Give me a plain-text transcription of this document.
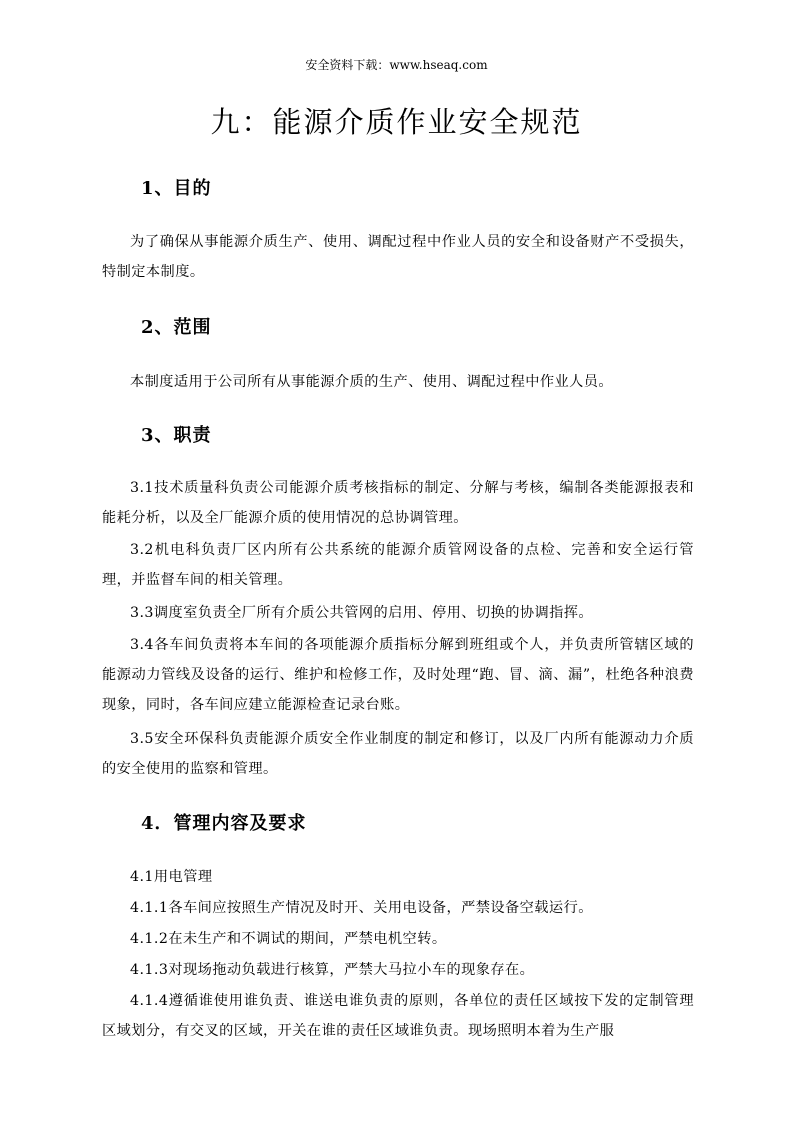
安全资料下载：www.hseaq.com
九：能源介质作业安全规范
1、目的
为了确保从事能源介质生产、使用、调配过程中作业人员的安全和设备财产不受损失，特制定本制度。
2、范围
本制度适用于公司所有从事能源介质的生产、使用、调配过程中作业人员。
3、职责
3.1技术质量科负责公司能源介质考核指标的制定、分解与考核，编制各类能源报表和能耗分析，以及全厂能源介质的使用情况的总协调管理。
3.2机电科负责厂区内所有公共系统的能源介质管网设备的点检、完善和安全运行管理，并监督车间的相关管理。
3.3调度室负责全厂所有介质公共管网的启用、停用、切换的协调指挥。
3.4各车间负责将本车间的各项能源介质指标分解到班组或个人，并负责所管辖区域的能源动力管线及设备的运行、维护和检修工作，及时处理“跑、冒、滴、漏”，杜绝各种浪费现象，同时，各车间应建立能源检查记录台账。
3.5安全环保科负责能源介质安全作业制度的制定和修订，以及厂内所有能源动力介质的安全使用的监察和管理。
4．管理内容及要求
4.1用电管理
4.1.1各车间应按照生产情况及时开、关用电设备，严禁设备空载运行。
4.1.2在未生产和不调试的期间，严禁电机空转。
4.1.3对现场拖动负载进行核算，严禁大马拉小车的现象存在。
4.1.4遵循谁使用谁负责、谁送电谁负责的原则，各单位的责任区域按下发的定制管理区域划分，有交叉的区域，开关在谁的责任区域谁负责。现场照明本着为生产服
